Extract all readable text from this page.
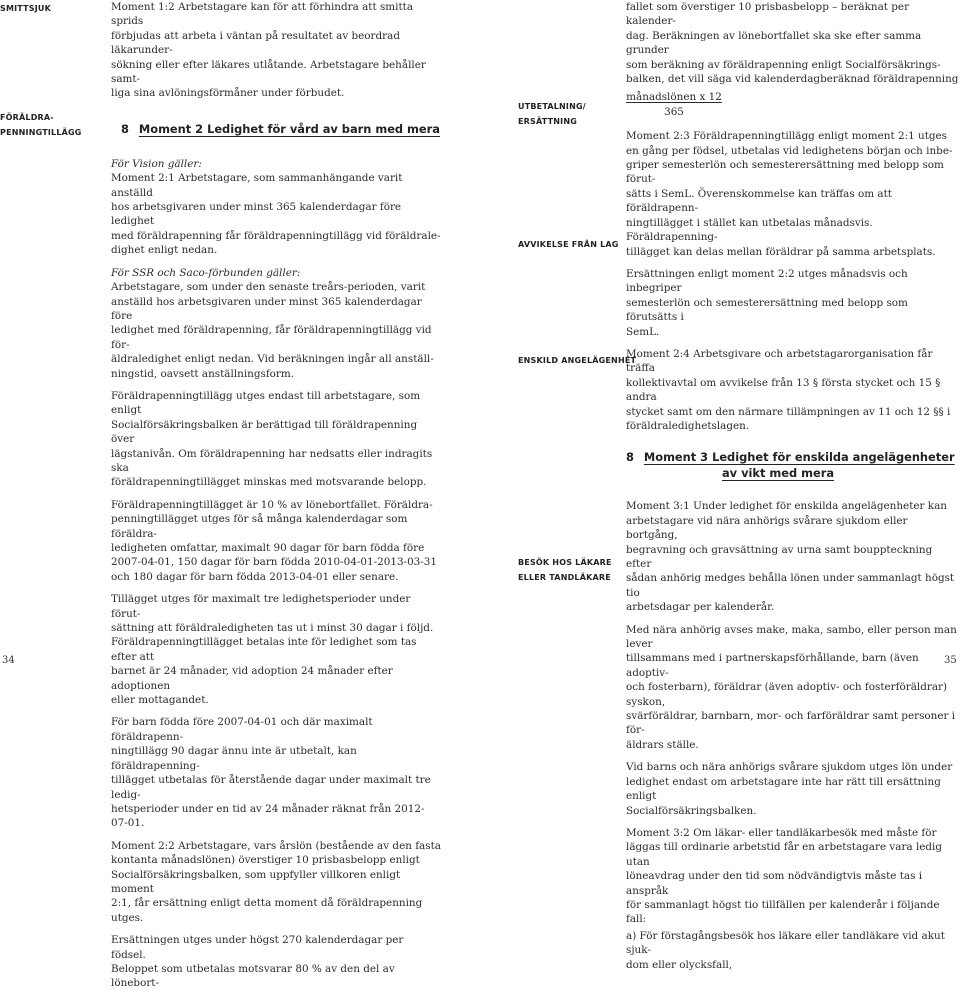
SMITTSJUK
FÖRÄLDRA-
PENNINGTILLÄGG

Moment 1:2 Arbetstagare kan för att förhindra att smitta sprids
förbjudas att arbeta i väntan på resultatet av beordrad läkarunder-
sökning eller efter läkares utlåtande. Arbetstagare behåller samt-
liga sina avlöningsförmåner under förbudet.

8 Moment 2 Ledighet för vård av barn med mera

För Vision gäller:

Moment 2:1 Arbetstagare, som sammanhängande varit anställd
hos arbetsgivaren under minst 365 kalenderdagar före ledighet
med föräldrapenning får föräldrapenningtillägg vid föräldrale-
dighet enligt nedan.

För SSR och Saco-förbunden gäller:

Arbetstagare, som under den senaste treårs-perioden, varit
anställd hos arbetsgivaren under minst 365 kalenderdagar före
ledighet med föräldrapenning, får föräldrapenningtillägg vid för-
äldraledighet enligt nedan. Vid beräkningen ingår all anställ-
ningstid, oavsett anställningsform.

Föräldrapenningtillägg utges endast till arbetstagare, som enligt
Socialförsäkringsbalken är berättigad till föräldrapenning över
lägstanivån. Om föräldrapenning har nedsatts eller indragits ska
föräldrapenningtillägget minskas med motsvarande belopp.

Föräldrapenningtillägget är 10 % av lönebortfallet. Föräldra-
penningtillägget utges för så många kalenderdagar som föräldra-
ledigheten omfattar, maximalt 90 dagar för barn födda före
2007-04-01, 150 dagar för barn födda 2010-04-01-2013-03-31
och 180 dagar för barn födda 2013-04-01 eller senare.

Tillägget utges för maximalt tre ledighetsperioder under förut-
sättning att föräldraledigheten tas ut i minst 30 dagar i följd.
Föräldrapenningtillägget betalas inte för ledighet som tas efter att
barnet är 24 månader, vid adoption 24 månader efter adoptionen
eller mottagandet.

För barn födda före 2007-04-01 och där maximalt föräldrapenn-
ningtillägg 90 dagar ännu inte är utbetalt, kan föräldrapenning-
tillägget utbetalas för återstående dagar under maximalt tre ledig-
hetsperioder under en tid av 24 månader räknat från 2012-07-01.

Moment 2:2 Arbetstagare, vars årslön (bestående av den fasta
kontanta månadslönen) överstiger 10 prisbasbelopp enligt
Socialförsäkringsbalken, som uppfyller villkoren enligt moment
2:1, får ersättning enligt detta moment då föräldrapenning utges.

Ersättningen utges under högst 270 kalenderdagar per födsel.
Beloppet som utbetalas motsvarar 80 % av den del av lönebort-

34
UTBETALNING/
ERSÄTTNING
AVVIKELSE FRÅN LAG
ENSKILD ANGELÄGENHET
BESÖK HOS LÄKARE
ELLER TANDLÄKARE

fallet som överstiger 10 prisbasbelopp – beräknat per kalender-
dag. Beräkningen av lönebortfallet ska ske efter samma grunder
som beräkning av föräldrapenning enligt Socialförsäkrings-
balken, det vill säga vid kalenderdagberäknad föräldrapenning

månadslönen x 12
365

Moment 2:3 Föräldrapenningtillägg enligt moment 2:1 utges
en gång per födsel, utbetalas vid ledighetens början och inbe-
griper semesterlön och semesterersättning med belopp som förut-
sätts i SemL. Överenskommelse kan träffas om att föräldrapenn-
ningtillägget i stället kan utbetalas månadsvis. Föräldrapenning-
tillägget kan delas mellan föräldrar på samma arbetsplats.

Ersättningen enligt moment 2:2 utges månadsvis och inbegriper
semesterlön och semesterersättning med belopp som förutsätts i
SemL.

Moment 2:4 Arbetsgivare och arbetstagarorganisation får träffa
kollektivavtal om avvikelse från 13 § första stycket och 15 § andra
stycket samt om den närmare tillämpningen av 11 och 12 §§ i
föräldraledighetslagen.

8 Moment 3 Ledighet för enskilda angelägenheter
av vikt med mera

Moment 3:1 Under ledighet för enskilda angelägenheter kan
arbetstagare vid nära anhörigs svårare sjukdom eller bortgång,
begravning och gravsättning av urna samt bouppteckning efter
sådan anhörig medges behålla lönen under sammanlagt högst tio
arbetsdagar per kalenderår.

Med nära anhörig avses make, maka, sambo, eller person man lever
tillsammans med i partnerskapsförhållande, barn (även adoptiv-
och fosterbarn), föräldrar (även adoptiv- och fosterföräldrar) syskon,
svärföräldrar, barnbarn, mor- och farföräldrar samt personer i för-
äldrars ställe.

Vid barns och nära anhörigs svårare sjukdom utges lön under
ledighet endast om arbetstagare inte har rätt till ersättning enligt
Socialförsäkringsbalken.

Moment 3:2 Om läkar- eller tandläkarbesök med måste för
läggas till ordinarie arbetstid får en arbetstagare vara ledig utan
löneavdrag under den tid som nödvändigtvis måste tas i anspråk
för sammanlagt högst tio tillfällen per kalenderår i följande fall:

a) För förstagångsbesök hos läkare eller tandläkare vid akut sjuk-
dom eller olycksfall,

35
